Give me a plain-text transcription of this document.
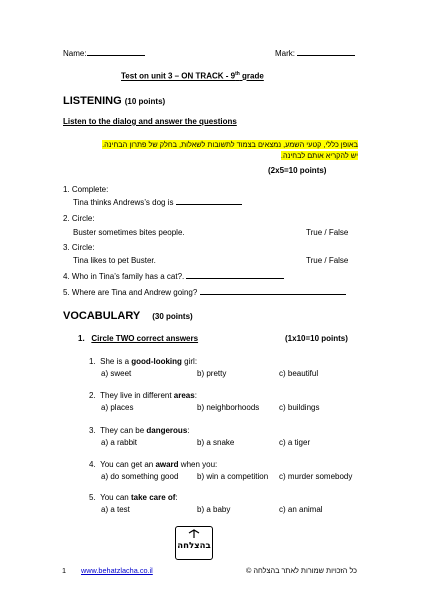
Name:	Mark:
Test on unit 3 – ON TRACK - 9th grade
LISTENING (10 points)
Listen to the dialog and answer the questions
באופן כללי, קטעי השמע, נמצאים בצמוד לתשובות לשאלות, בחלק של פתרון הבחינה.
יש להקריא אותם לבחינה.
(2x5=10 points)
1. Complete:
Tina thinks Andrews’s dog is
2. Circle:
Buster sometimes bites people.	True / False
3. Circle:
Tina likes to pet Buster.	True / False
4. Who in Tina’s family has a cat?.
5. Where are Tina and Andrew going?
VOCABULARY (30 points)
1. Circle TWO correct answers	(1x10=10 points)
1. She is a good-looking girl:
a) sweet	b) pretty	c) beautiful
2. They live in different areas:
a) places	b) neighborhoods c) buildings
3. They can be dangerous:
a) a rabbit	b) a snake	c) a tiger
4. You can get an award when you:
a) do something good b) win a competition c) murder somebody
5. You can take care of:
a) a test	b) a baby	c) an animal
בהצלחה
1 www.behatzlacha.co.il	כל הזכויות שמורות לאתר בהצלחה ©
